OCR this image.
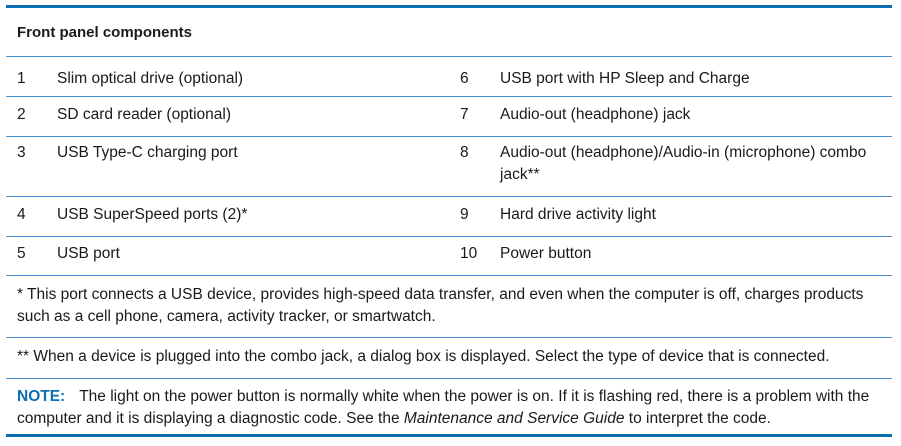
Front panel components
1	Slim optical drive (optional)	6	USB port with HP Sleep and Charge
2	SD card reader (optional)	7	Audio-out (headphone) jack
3	USB Type-C charging port	8	Audio-out (headphone)/Audio-in (microphone) combo jack**
4	USB SuperSpeed ports (2)*	9	Hard drive activity light
5	USB port	10	Power button
* This port connects a USB device, provides high-speed data transfer, and even when the computer is off, charges products such as a cell phone, camera, activity tracker, or smartwatch.
** When a device is plugged into the combo jack, a dialog box is displayed. Select the type of device that is connected.
NOTE: The light on the power button is normally white when the power is on. If it is flashing red, there is a problem with the computer and it is displaying a diagnostic code. See the Maintenance and Service Guide to interpret the code.
